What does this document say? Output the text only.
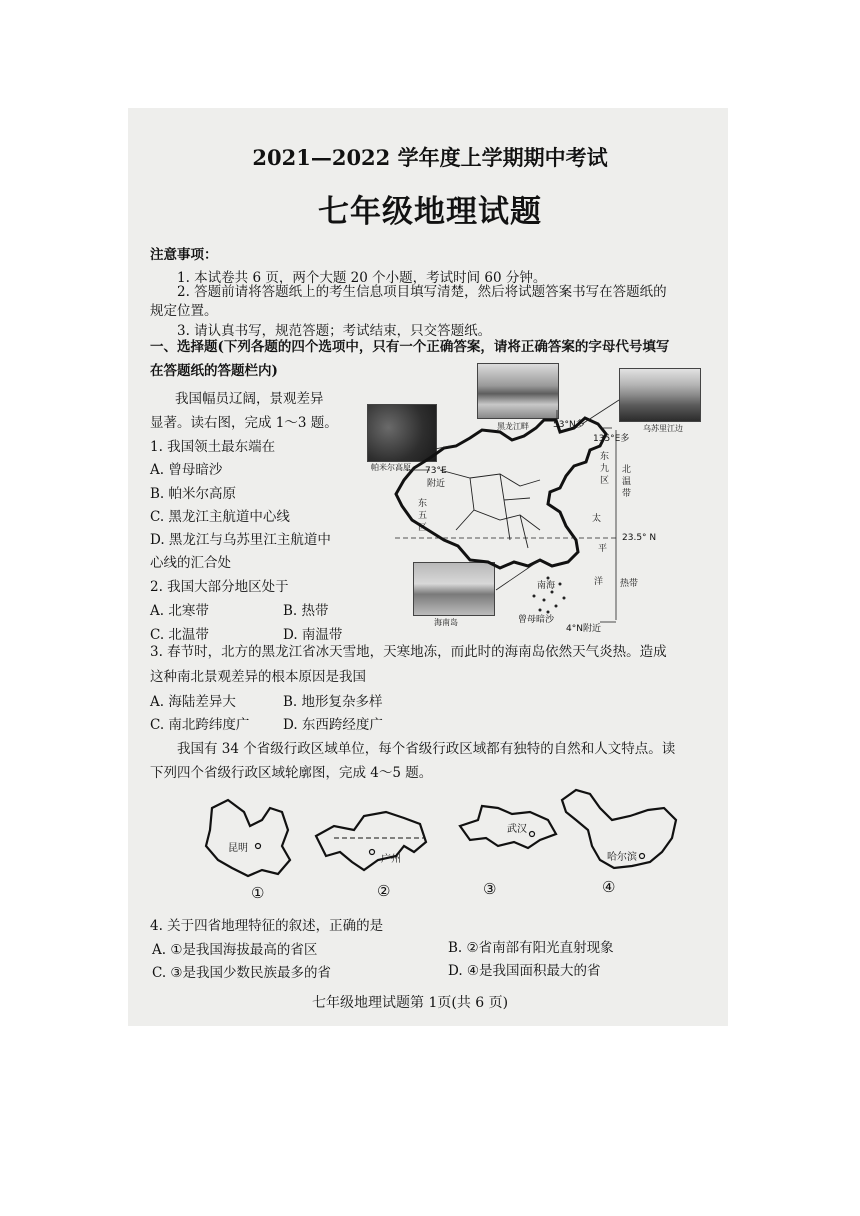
2021—2022 学年度上学期期中考试
七年级地理试题
注意事项：
1. 本试卷共 6 页，两个大题 20 个小题，考试时间 60 分钟。
2. 答题前请将答题纸上的考生信息项目填写清楚，然后将试题答案书写在答题纸的
规定位置。
3. 请认真书写，规范答题；考试结束，只交答题纸。
一、选择题(下列各题的四个选项中，只有一个正确答案，请将正确答案的字母代号填写
在答题纸的答题栏内)
我国幅员辽阔，景观差异
显著。读右图，完成 1～3 题。
1. 我国领土最东端在
A. 曾母暗沙
B. 帕米尔高原
C. 黑龙江主航道中心线
D. 黑龙江与乌苏里江主航道中
心线的汇合处
2. 我国大部分地区处于
A. 北寒带	B. 热带
C. 北温带	D. 南温带
3. 春节时，北方的黑龙江省冰天雪地，天寒地冻，而此时的海南岛依然天气炎热。造成
这种南北景观差异的根本原因是我国
A. 海陆差异大	B. 地形复杂多样
C. 南北跨纬度广 D. 东西跨经度广
我国有 34 个省级行政区域单位，每个省级行政区域都有独特的自然和人文特点。读
下列四个省级行政区域轮廓图，完成 4～5 题。
黑龙江畔	乌苏里江边
帕米尔高原
海南岛
53°N多
135°E多
73°E
附近
东
五
区
东
九
区
北
温
带
太
平
洋
23.5° N
热带
南海
曾母暗沙
4°N附近
昆明
①
广州
②
武汉
③
哈尔滨
④
4. 关于四省地理特征的叙述，正确的是
A. ①是我国海拔最高的省区	B. ②省南部有阳光直射现象
C. ③是我国少数民族最多的省	D. ④是我国面积最大的省
七年级地理试题第 1页(共 6 页)
